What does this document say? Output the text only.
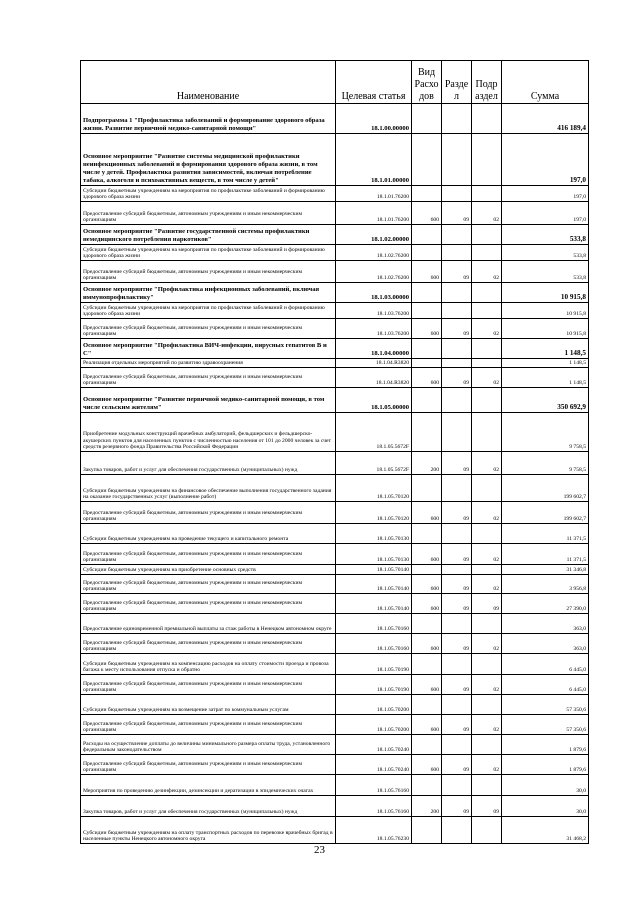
Наименование	Целевая статья	Вид Расхо дов	Разде л	Подр аздел	Сумма
Подпрограмма 1 "Профилактика заболеваний и формирование здорового образа жизни. Развитие первичной медико-санитарной помощи"	18.1.00.00000				416 189,4
Основное мероприятие "Развитие системы медицинской профилактики неинфекционных заболеваний и формирования здорового образа жизни, в том числе у детей. Профилактика развития зависимостей, включая потребление табака, алкоголя и психоактивных веществ, в том числе у детей"	18.1.01.00000				197,0
Субсидии бюджетным учреждениям на мероприятия по профилактике заболеваний и формированию здорового образа жизни	18.1.01.76200				197,0
Предоставление субсидий бюджетным, автономным учреждениям и иным некоммерческим организациям	18.1.01.76200	600	09	02	197,0
Основное мероприятие "Развитие государственной системы профилактики немедицинского потребления наркотиков"	18.1.02.00000				533,8
Субсидии бюджетным учреждениям на мероприятия по профилактике заболеваний и формированию здорового образа жизни	18.1.02.76200				533,8
Предоставление субсидий бюджетным, автономным учреждениям и иным некоммерческим организациям	18.1.02.76200	600	09	02	533,8
Основное мероприятие "Профилактика инфекционных заболеваний, включая иммунопрофилактику"	18.1.03.00000				10 915,8
Субсидии бюджетным учреждениям на мероприятия по профилактике заболеваний и формированию здорового образа жизни	18.1.03.76200				10 915,8
Предоставление субсидий бюджетным, автономным учреждениям и иным некоммерческим организациям	18.1.03.76200	600	09	02	10 915,8
Основное мероприятие "Профилактика ВИЧ-инфекции, вирусных гепатитов В и С"	18.1.04.00000				1 148,5
Реализация отдельных мероприятий по развитию здравоохранения	18.1.04.R3820				1 148,5
Предоставление субсидий бюджетным, автономным учреждениям и иным некоммерческим организациям	18.1.04.R3820	600	09	02	1 148,5
Основное мероприятие "Развитие первичной медико-санитарной помощи, в том числе сельским жителям"	18.1.05.00000				350 692,9
Приобретение модульных конструкций врачебных амбулаторий, фельдшерских и фельдшерско-акушерских пунктов для населенных пунктов с численностью населения от 101 до 2000 человек за счет средств резервного фонда Правительства Российской Федерации	18.1.05.5672F				9 758,5
Закупка товаров, работ и услуг для обеспечения государственных (муниципальных) нужд	18.1.05.5672F	200	09	02	9 758,5
Субсидии бюджетным учреждениям на финансовое обеспечение выполнения государственного задания на оказание государственных услуг (выполнение работ)	18.1.05.70120				199 602,7
Предоставление субсидий бюджетным, автономным учреждениям и иным некоммерческим организациям	18.1.05.70120	600	09	02	199 602,7
Субсидии бюджетным учреждениям на проведение текущего и капитального ремонта	18.1.05.70130				11 371,5
Предоставление субсидий бюджетным, автономным учреждениям и иным некоммерческим организациям	18.1.05.70130	600	09	02	11 371,5
Субсидии бюджетным учреждениям на приобретение основных средств	18.1.05.70140				31 346,8
Предоставление субсидий бюджетным, автономным учреждениям и иным некоммерческим организациям	18.1.05.70140	600	09	02	3 956,8
Предоставление субсидий бюджетным, автономным учреждениям и иным некоммерческим организациям	18.1.05.70140	600	09	09	27 390,0
Предоставление единовременной премиальной выплаты за стаж работы в Ненецком автономном округе	18.1.05.70160				363,0
Предоставление субсидий бюджетным, автономным учреждениям и иным некоммерческим организациям	18.1.05.70160	600	09	02	363,0
Субсидии бюджетным учреждениям на компенсацию расходов на оплату стоимости проезда и провоза багажа к месту использования отпуска и обратно	18.1.05.70190				6 445,0
Предоставление субсидий бюджетным, автономным учреждениям и иным некоммерческим организациям	18.1.05.70190	600	09	02	6 445,0
Субсидии бюджетным учреждениям на возмещение затрат по коммунальным услугам	18.1.05.70200				57 350,6
Предоставление субсидий бюджетным, автономным учреждениям и иным некоммерческим организациям	18.1.05.70200	600	09	02	57 350,6
Расходы на осуществление доплаты до величины минимального размера оплаты труда, установленного федеральным законодательством	18.1.05.70240				1 879,6
Предоставление субсидий бюджетным, автономным учреждениям и иным некоммерческим организациям	18.1.05.70240	600	09	02	1 879,6
Мероприятия по проведению дезинфекции, дезинсекции и дератизации в эпидемических очагах	18.1.05.76160				30,0
Закупка товаров, работ и услуг для обеспечения государственных (муниципальных) нужд	18.1.05.76160	200	09	09	30,0
Субсидии бюджетным учреждениям на оплату транспортных расходов по перевозке врачебных бригад в населенные пункты Ненецкого автономного округа	18.1.05.76230				31 468,2
23
